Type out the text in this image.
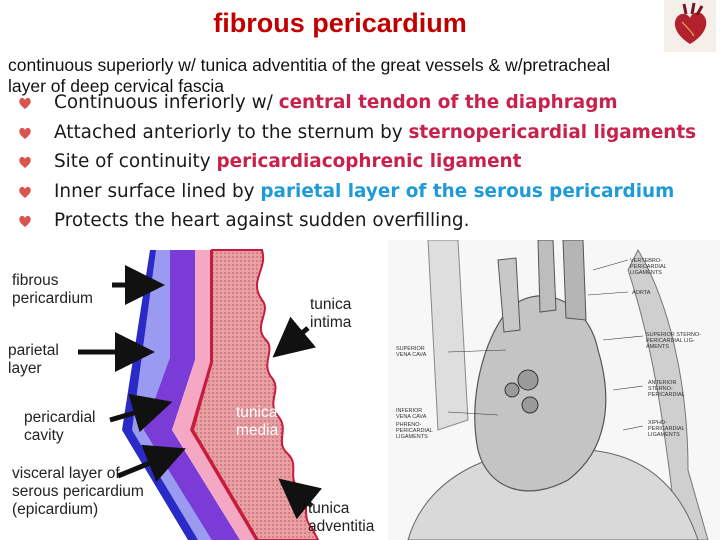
fibrous pericardium
continuous superiorly w/ tunica adventitia of the great vessels & w/pretracheal
layer of deep cervical fascia
Continuous inferiorly w/ central tendon of the diaphragm
Attached anteriorly to the sternum by sternopericardial ligaments
Site of continuity pericardiacophrenic ligament
Inner surface lined by parietal layer of the serous pericardium
Protects the heart against sudden overfilling.
fibrous
pericardium
parietal
layer
pericardial
cavity
visceral layer of
serous pericardium
(epicardium)
tunica
intima
tunica
media
tunica
adventitia
VERTEBRO-
PERICARDIAL
LIGAMENTS
AORTA
SUPERIOR
VENA CAVA
SUPERIOR STERNO-
PERICARDIAL LIG-
AMENTS
INFERIOR
VENA CAVA
PHRENO-
PERICARDIAL
LIGAMENTS
ANTERIOR
STERNO-
PERICARDIAL
XIPHO-
PERICARDIAL
LIGAMENTS
